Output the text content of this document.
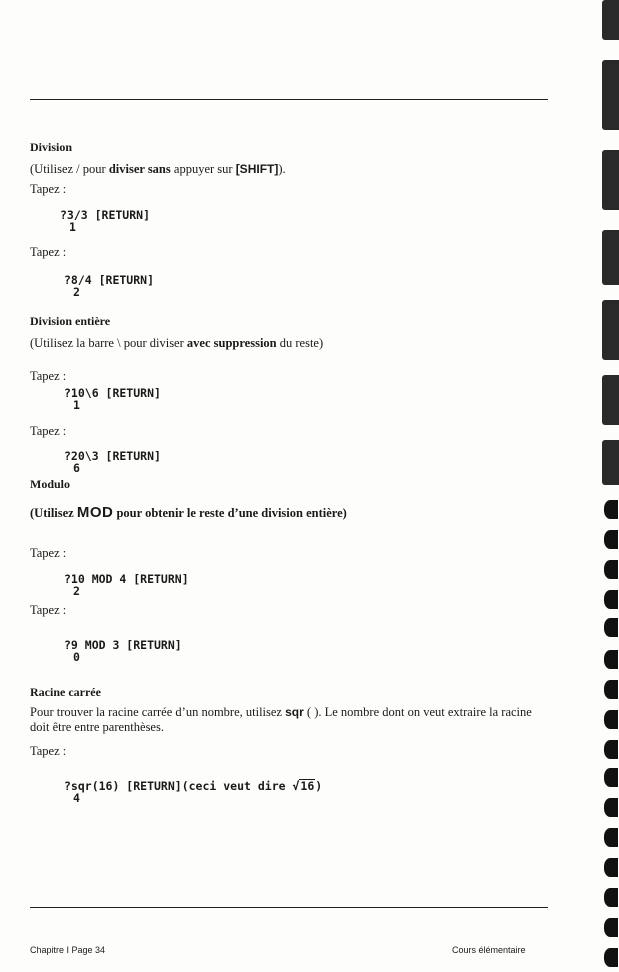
Division
(Utilisez / pour diviser sans appuyer sur [SHIFT]).
Tapez :
?3/3 [RETURN]
1
Tapez :
?8/4 [RETURN]
2
Division entière
(Utilisez la barre \ pour diviser avec suppression du reste)
Tapez :
?10\6 [RETURN]
1
Tapez :
?20\3 [RETURN]
6
Modulo
(Utilisez MOD pour obtenir le reste d’une division entière)
Tapez :
?10 MOD 4 [RETURN]
2
Tapez :
?9 MOD 3 [RETURN]
0
Racine carrée
Pour trouver la racine carrée d’un nombre, utilisez sqr ( ). Le nombre dont on veut extraire la racine doit être entre parenthèses.
Tapez :
?sqr(16) [RETURN](ceci veut dire √16)
4
Chapitre I Page 34	Cours élémentaire
